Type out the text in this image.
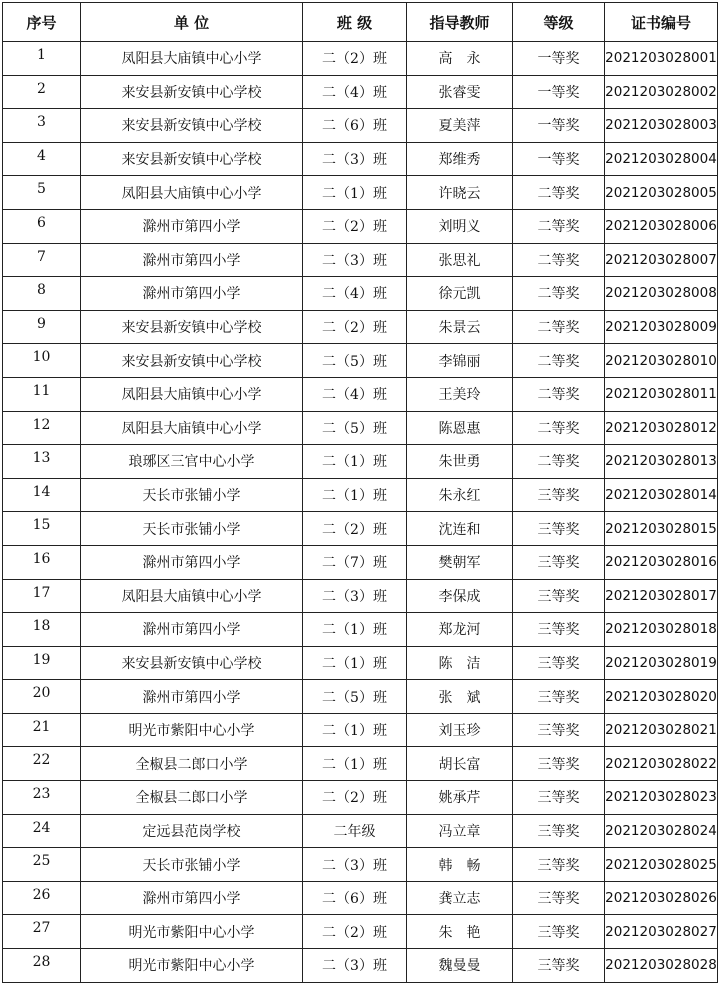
序号	单 位	班 级	指导教师	等级	证书编号
1	凤阳县大庙镇中心小学	二（2）班	高　永	一等奖	2021203028001
2	来安县新安镇中心学校	二（4）班	张睿雯	一等奖	2021203028002
3	来安县新安镇中心学校	二（6）班	夏美萍	一等奖	2021203028003
4	来安县新安镇中心学校	二（3）班	郑维秀	一等奖	2021203028004
5	凤阳县大庙镇中心小学	二（1）班	许晓云	二等奖	2021203028005
6	滁州市第四小学	二（2）班	刘明义	二等奖	2021203028006
7	滁州市第四小学	二（3）班	张思礼	二等奖	2021203028007
8	滁州市第四小学	二（4）班	徐元凯	二等奖	2021203028008
9	来安县新安镇中心学校	二（2）班	朱景云	二等奖	2021203028009
10	来安县新安镇中心学校	二（5）班	李锦丽	二等奖	2021203028010
11	凤阳县大庙镇中心小学	二（4）班	王美玲	二等奖	2021203028011
12	凤阳县大庙镇中心小学	二（5）班	陈恩惠	二等奖	2021203028012
13	琅琊区三官中心小学	二（1）班	朱世勇	二等奖	2021203028013
14	天长市张铺小学	二（1）班	朱永红	三等奖	2021203028014
15	天长市张铺小学	二（2）班	沈连和	三等奖	2021203028015
16	滁州市第四小学	二（7）班	樊朝军	三等奖	2021203028016
17	凤阳县大庙镇中心小学	二（3）班	李保成	三等奖	2021203028017
18	滁州市第四小学	二（1）班	郑龙河	三等奖	2021203028018
19	来安县新安镇中心学校	二（1）班	陈　洁	三等奖	2021203028019
20	滁州市第四小学	二（5）班	张　斌	三等奖	2021203028020
21	明光市紫阳中心小学	二（1）班	刘玉珍	三等奖	2021203028021
22	全椒县二郎口小学	二（1）班	胡长富	三等奖	2021203028022
23	全椒县二郎口小学	二（2）班	姚承芹	三等奖	2021203028023
24	定远县范岗学校	二年级	冯立章	三等奖	2021203028024
25	天长市张铺小学	二（3）班	韩　畅	三等奖	2021203028025
26	滁州市第四小学	二（6）班	龚立志	三等奖	2021203028026
27	明光市紫阳中心小学	二（2）班	朱　艳	三等奖	2021203028027
28	明光市紫阳中心小学	二（3）班	魏曼曼	三等奖	2021203028028
